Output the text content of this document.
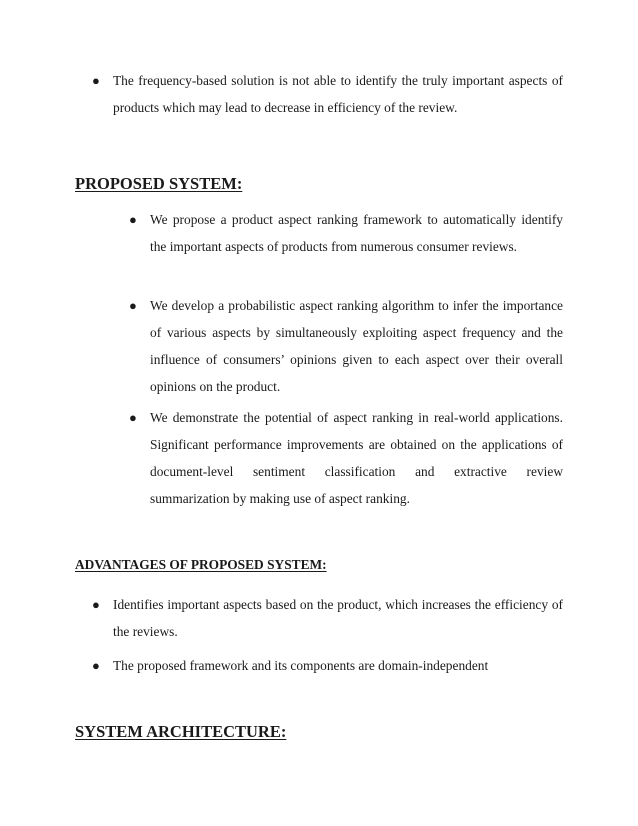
● The frequency-based solution is not able to identify the truly important aspects of products which may lead to decrease in efficiency of the review.
PROPOSED SYSTEM:
● We propose a product aspect ranking framework to automatically identify the important aspects of products from numerous consumer reviews.
● We develop a probabilistic aspect ranking algorithm to infer the importance of various aspects by simultaneously exploiting aspect frequency and the influence of consumers’ opinions given to each aspect over their overall opinions on the product.
● We demonstrate the potential of aspect ranking in real-world applications. Significant performance improvements are obtained on the applications of document-level sentiment classification and extractive review summarization by making use of aspect ranking.
ADVANTAGES OF PROPOSED SYSTEM:
● Identifies important aspects based on the product, which increases the efficiency of the reviews.
● The proposed framework and its components are domain-independent
SYSTEM ARCHITECTURE:
